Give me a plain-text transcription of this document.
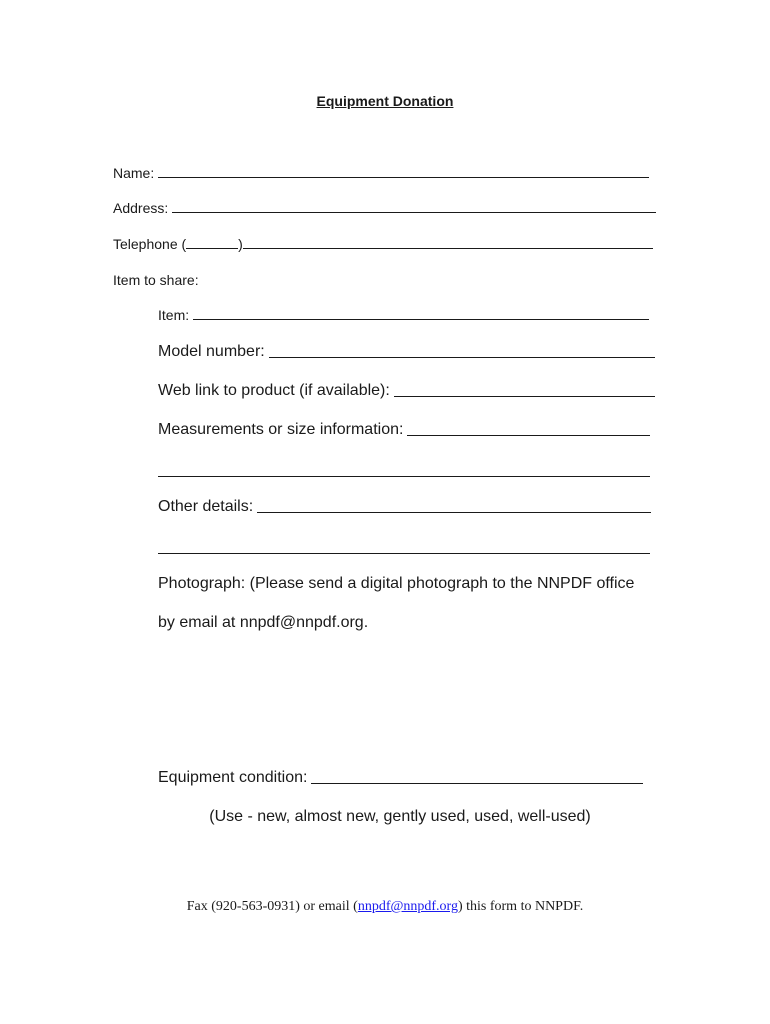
Equipment Donation
Name:
Address:
Telephone (	)
Item to share:
Item:
Model number:
Web link to product (if available):
Measurements or size information:
Other details:
Photograph: (Please send a digital photograph to the NNPDF office
by email at nnpdf@nnpdf.org.
Equipment condition:
(Use - new, almost new, gently used, used, well-used)
Fax (920-563-0931) or email (nnpdf@nnpdf.org) this form to NNPDF.
